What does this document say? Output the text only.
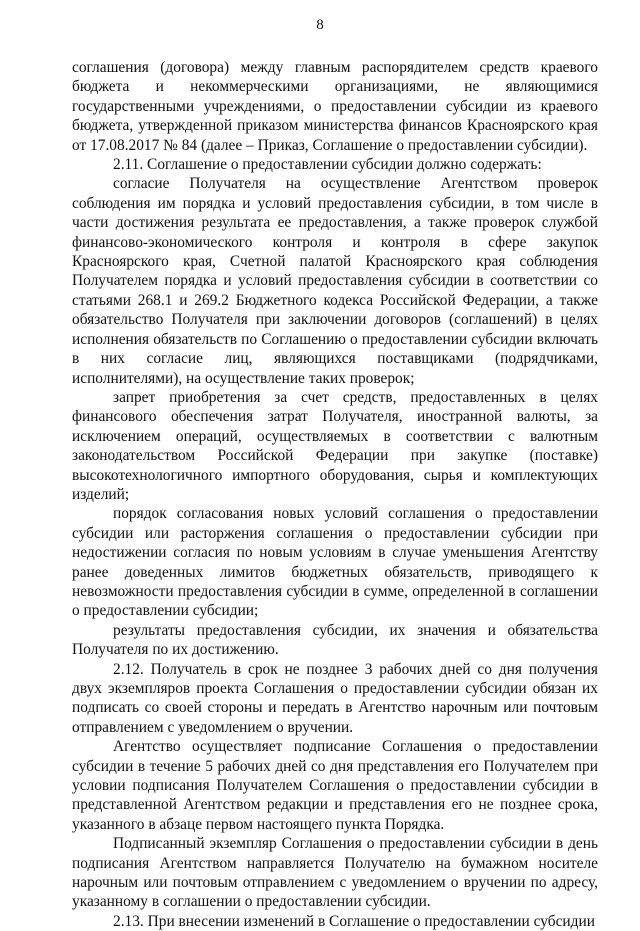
8

соглашения (договора) между главным распорядителем средств краевого бюджета и некоммерческими организациями, не являющимися государственными учреждениями, о предоставлении субсидии из краевого бюджета, утвержденной приказом министерства финансов Красноярского края от 17.08.2017 № 84 (далее – Приказ, Соглашение о предоставлении субсидии).

2.11. Соглашение о предоставлении субсидии должно содержать:

согласие Получателя на осуществление Агентством проверок соблюдения им порядка и условий предоставления субсидии, в том числе в части достижения результата ее предоставления, а также проверок службой финансово-экономического контроля и контроля в сфере закупок Красноярского края, Счетной палатой Красноярского края соблюдения Получателем порядка и условий предоставления субсидии в соответствии со статьями 268.1 и 269.2 Бюджетного кодекса Российской Федерации, а также обязательство Получателя при заключении договоров (соглашений) в целях исполнения обязательств по Соглашению о предоставлении субсидии включать в них согласие лиц, являющихся поставщиками (подрядчиками, исполнителями), на осуществление таких проверок;

запрет приобретения за счет средств, предоставленных в целях финансового обеспечения затрат Получателя, иностранной валюты, за исключением операций, осуществляемых в соответствии с валютным законодательством Российской Федерации при закупке (поставке) высокотехнологичного импортного оборудования, сырья и комплектующих изделий;

порядок согласования новых условий соглашения о предоставлении субсидии или расторжения соглашения о предоставлении субсидии при недостижении согласия по новым условиям в случае уменьшения Агентству ранее доведенных лимитов бюджетных обязательств, приводящего к невозможности предоставления субсидии в сумме, определенной в соглашении о предоставлении субсидии;

результаты предоставления субсидии, их значения и обязательства Получателя по их достижению.

2.12. Получатель в срок не позднее 3 рабочих дней со дня получения двух экземпляров проекта Соглашения о предоставлении субсидии обязан их подписать со своей стороны и передать в Агентство нарочным или почтовым отправлением с уведомлением о вручении.

Агентство осуществляет подписание Соглашения о предоставлении субсидии в течение 5 рабочих дней со дня представления его Получателем при условии подписания Получателем Соглашения о предоставлении субсидии в представленной Агентством редакции и представления его не позднее срока, указанного в абзаце первом настоящего пункта Порядка.

Подписанный экземпляр Соглашения о предоставлении субсидии в день подписания Агентством направляется Получателю на бумажном носителе нарочным или почтовым отправлением с уведомлением о вручении по адресу, указанному в соглашении о предоставлении субсидии.

2.13. При внесении изменений в Соглашение о предоставлении субсидии
